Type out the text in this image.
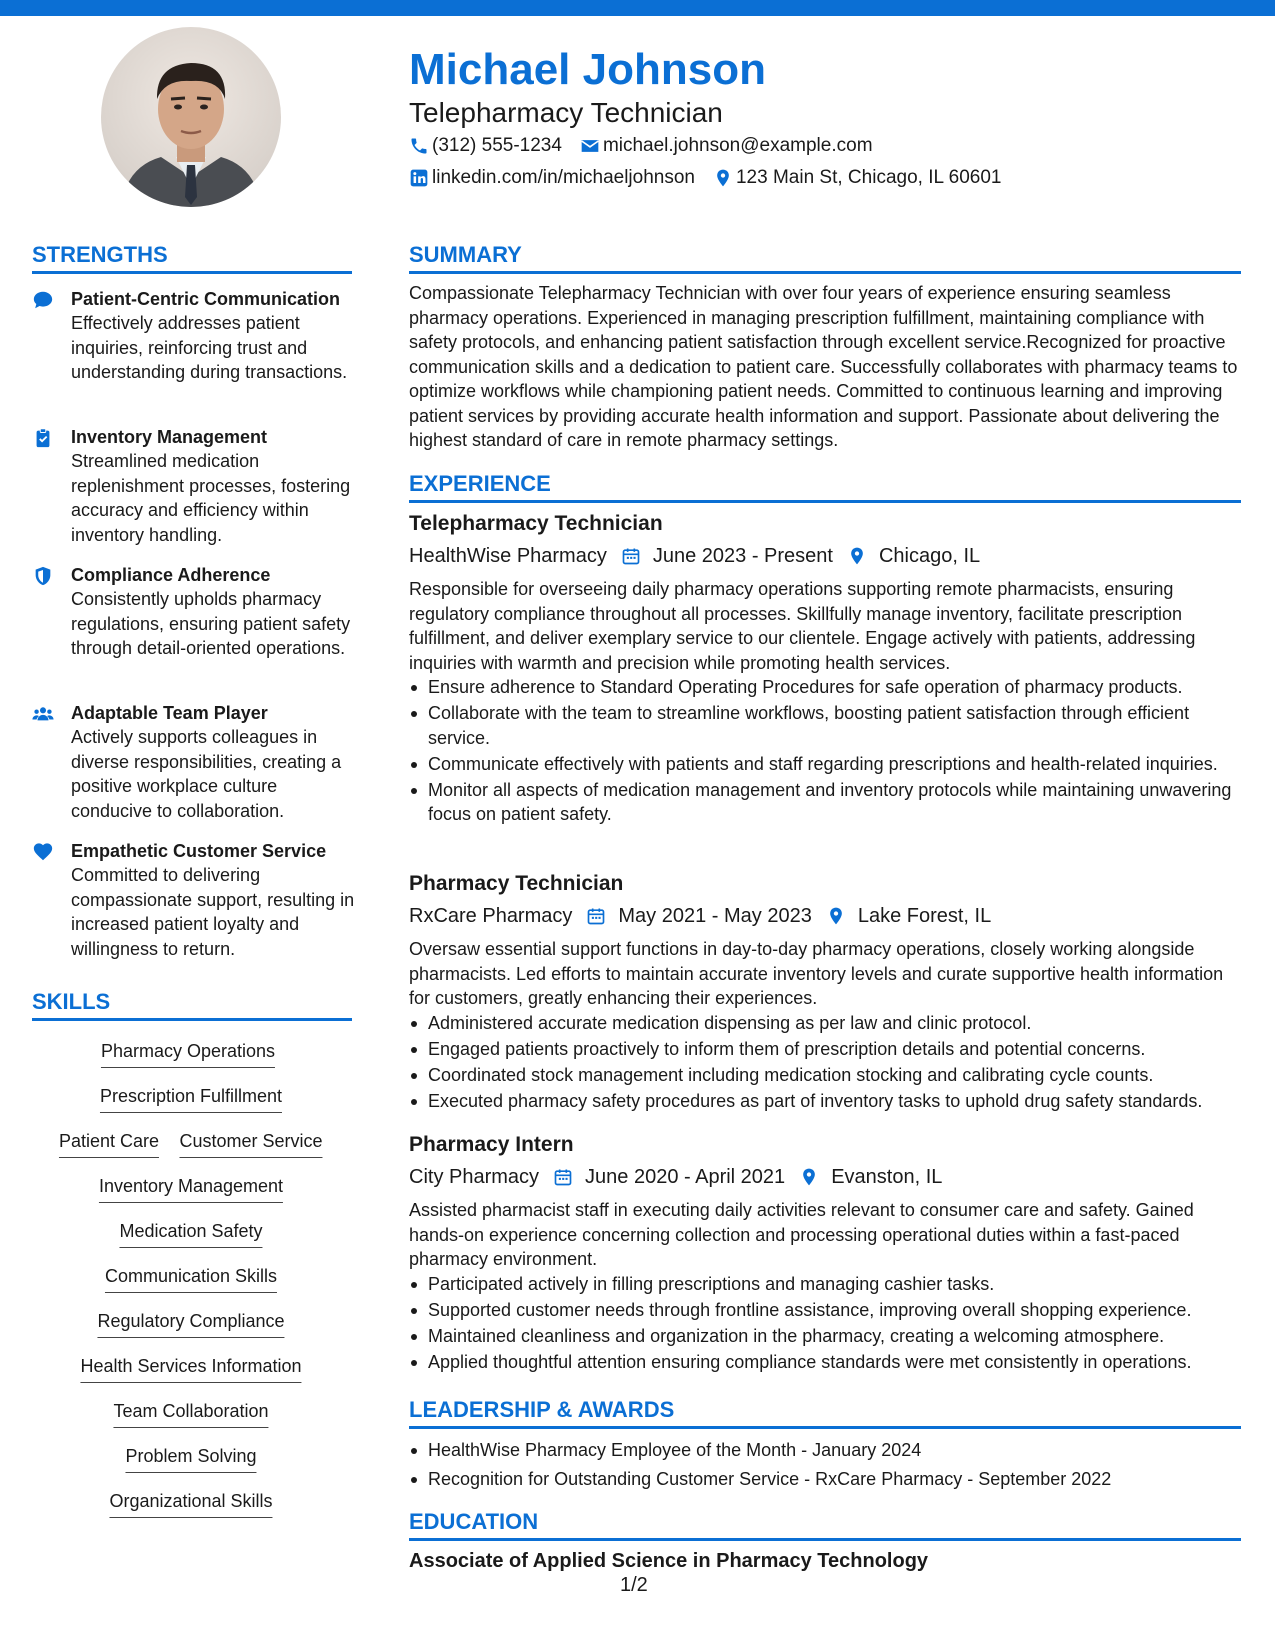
Michael Johnson
Telepharmacy Technician
(312) 555-1234 michael.johnson@example.com
linkedin.com/in/michaeljohnson 123 Main St, Chicago, IL 60601
STRENGTHS
Patient-Centric Communication
Effectively addresses patient inquiries, reinforcing trust and understanding during transactions.
Inventory Management
Streamlined medication replenishment processes, fostering accuracy and efficiency within inventory handling.
Compliance Adherence
Consistently upholds pharmacy regulations, ensuring patient safety through detail-oriented operations.
Adaptable Team Player
Actively supports colleagues in diverse responsibilities, creating a positive workplace culture conducive to collaboration.
Empathetic Customer Service
Committed to delivering compassionate support, resulting in increased patient loyalty and willingness to return.
SKILLS
Pharmacy Operations
Prescription Fulfillment
Patient Care Customer Service
Inventory Management
Medication Safety
Communication Skills
Regulatory Compliance
Health Services Information
Team Collaboration
Problem Solving
Organizational Skills
SUMMARY

Compassionate Telepharmacy Technician with over four years of experience ensuring seamless pharmacy operations. Experienced in managing prescription fulfillment, maintaining compliance with safety protocols, and enhancing patient satisfaction through excellent service.Recognized for proactive communication skills and a dedication to patient care. Successfully collaborates with pharmacy teams to optimize workflows while championing patient needs. Committed to continuous learning and improving patient services by providing accurate health information and support. Passionate about delivering the highest standard of care in remote pharmacy settings.

EXPERIENCE
Telepharmacy Technician
HealthWise Pharmacy June 2023 - Present Chicago, IL

Responsible for overseeing daily pharmacy operations supporting remote pharmacists, ensuring regulatory compliance throughout all processes. Skillfully manage inventory, facilitate prescription fulfillment, and deliver exemplary service to our clientele. Engage actively with patients, addressing inquiries with warmth and precision while promoting health services.

Ensure adherence to Standard Operating Procedures for safe operation of pharmacy products.
Collaborate with the team to streamline workflows, boosting patient satisfaction through efficient service.
Communicate effectively with patients and staff regarding prescriptions and health-related inquiries.
Monitor all aspects of medication management and inventory protocols while maintaining unwavering focus on patient safety.
Pharmacy Technician
RxCare Pharmacy May 2021 - May 2023 Lake Forest, IL

Oversaw essential support functions in day-to-day pharmacy operations, closely working alongside pharmacists. Led efforts to maintain accurate inventory levels and curate supportive health information for customers, greatly enhancing their experiences.

Administered accurate medication dispensing as per law and clinic protocol.
Engaged patients proactively to inform them of prescription details and potential concerns.
Coordinated stock management including medication stocking and calibrating cycle counts.
Executed pharmacy safety procedures as part of inventory tasks to uphold drug safety standards.
Pharmacy Intern
City Pharmacy June 2020 - April 2021 Evanston, IL

Assisted pharmacist staff in executing daily activities relevant to consumer care and safety. Gained hands-on experience concerning collection and processing operational duties within a fast-paced pharmacy environment.

Participated actively in filling prescriptions and managing cashier tasks.
Supported customer needs through frontline assistance, improving overall shopping experience.
Maintained cleanliness and organization in the pharmacy, creating a welcoming atmosphere.
Applied thoughtful attention ensuring compliance standards were met consistently in operations.
LEADERSHIP & AWARDS
HealthWise Pharmacy Employee of the Month - January 2024
Recognition for Outstanding Customer Service - RxCare Pharmacy - September 2022
EDUCATION
Associate of Applied Science in Pharmacy Technology
1/2
